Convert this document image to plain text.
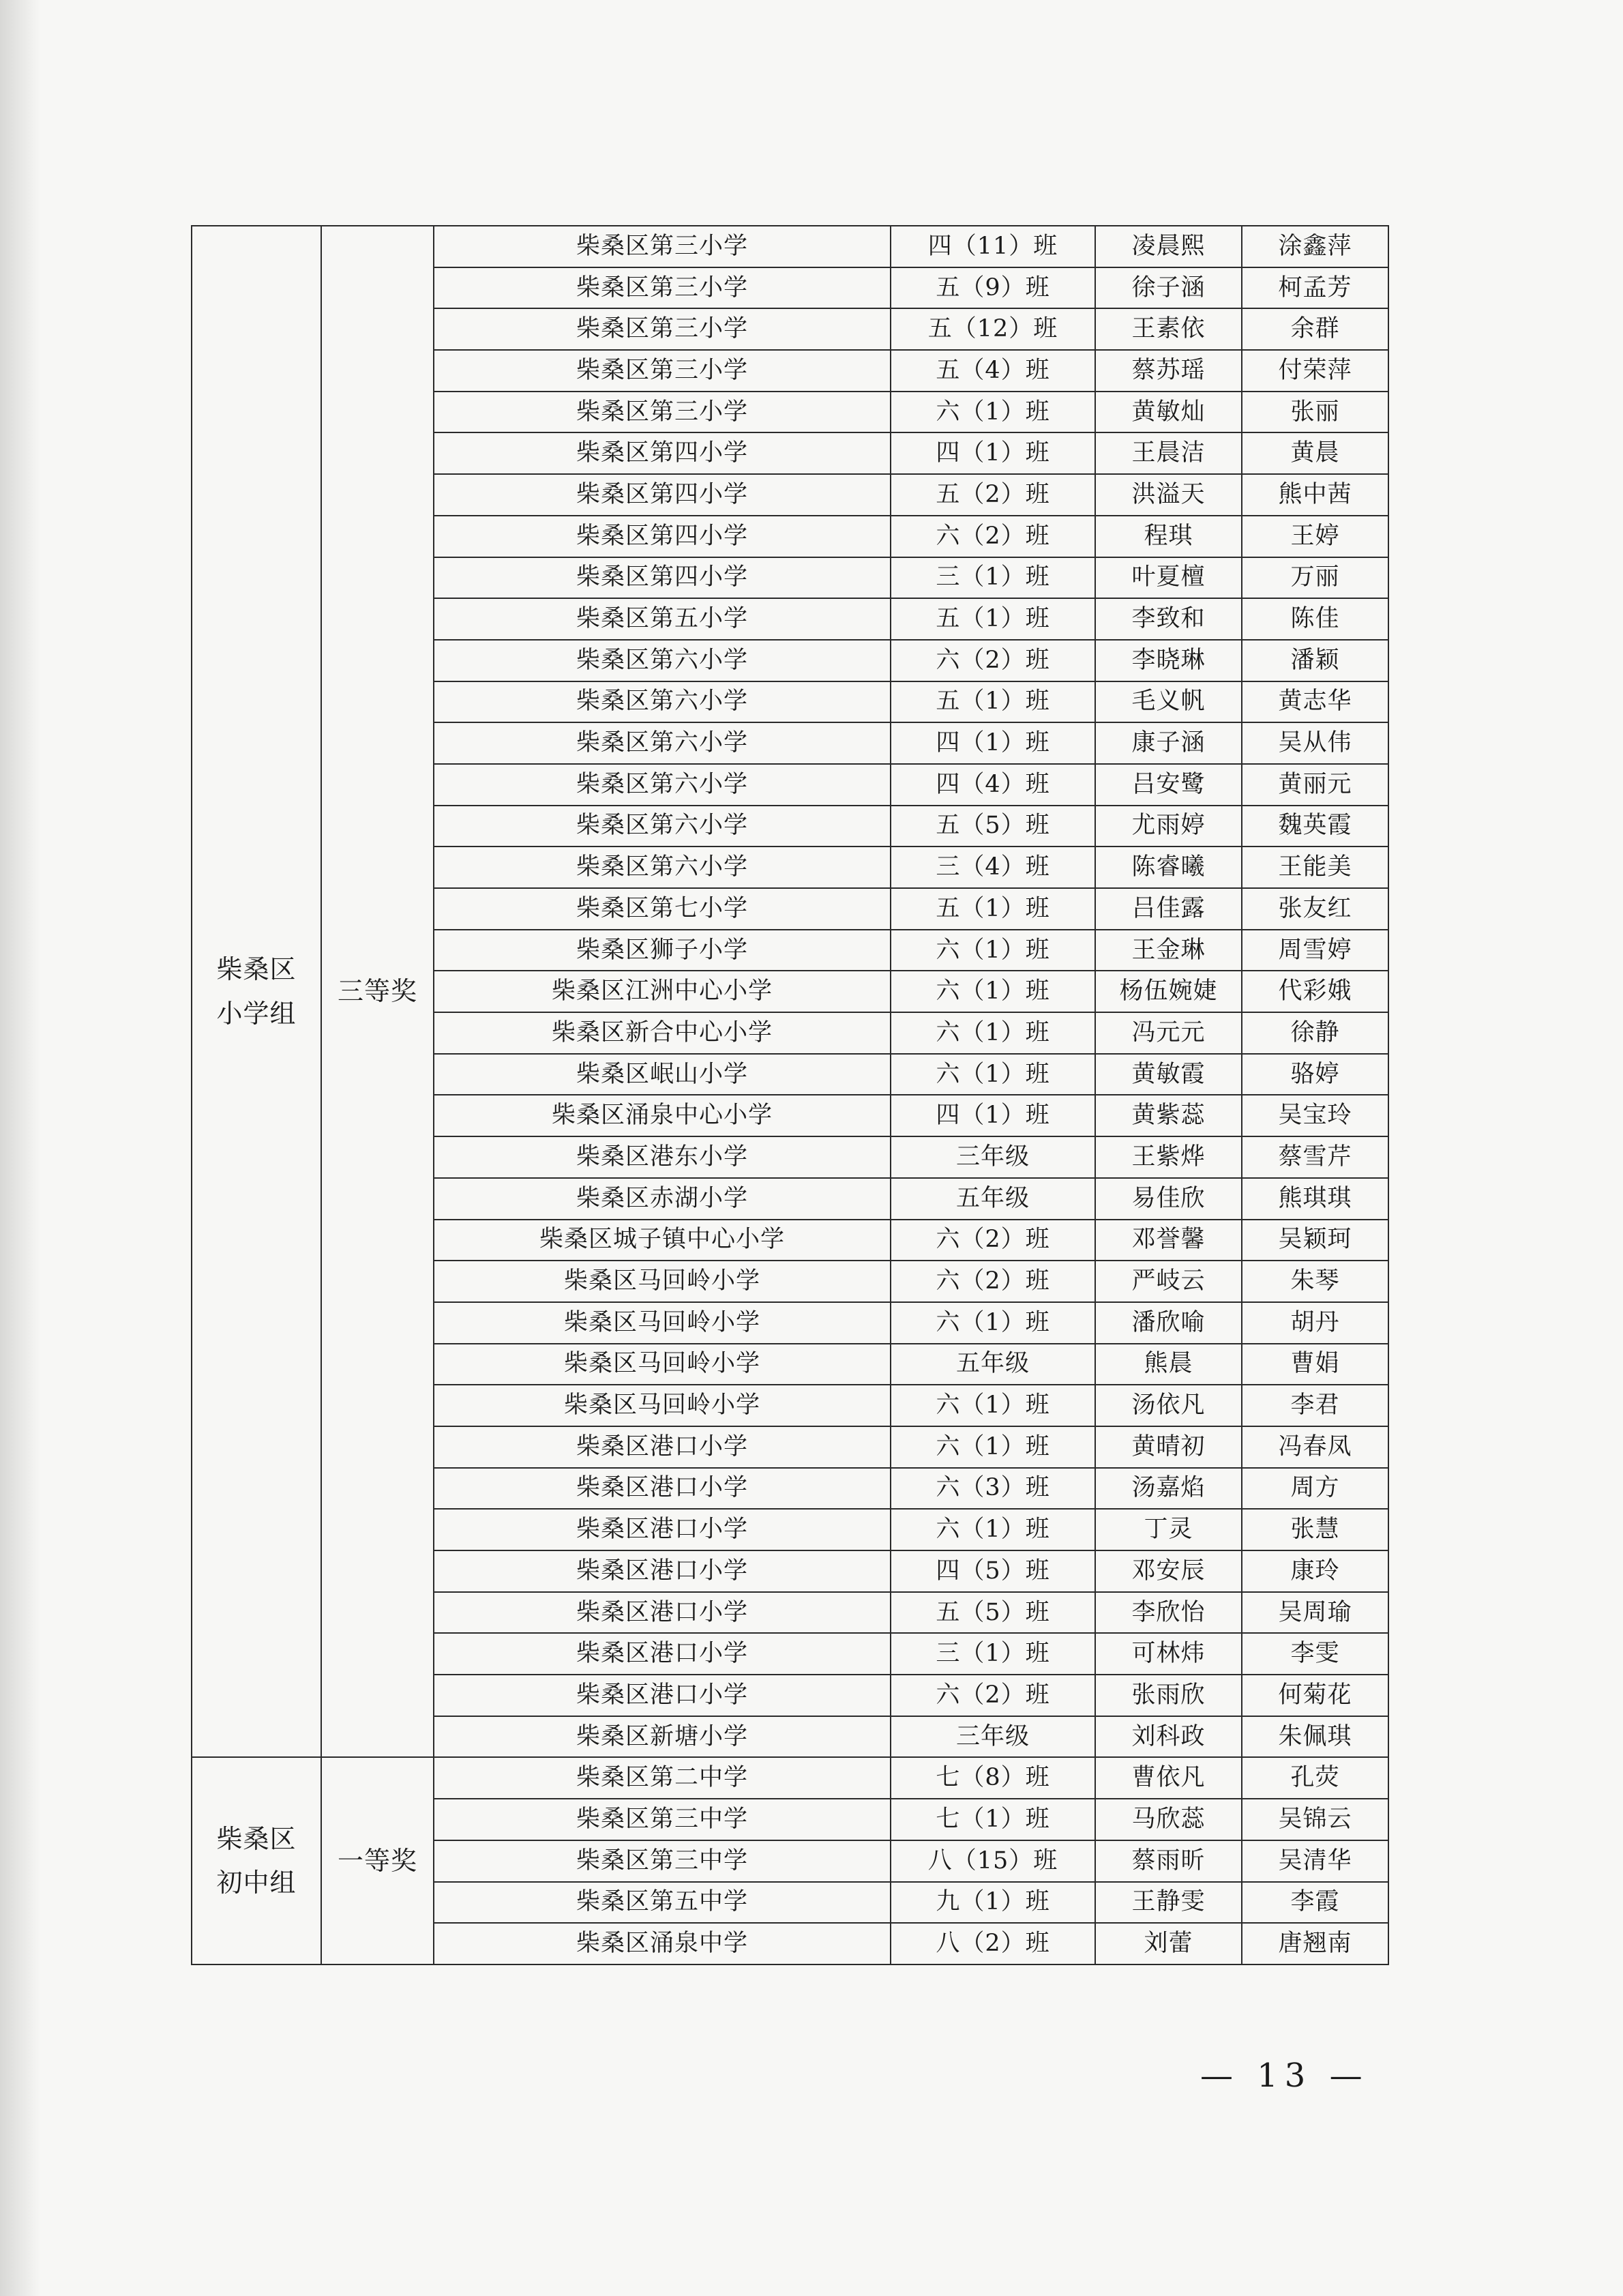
柴桑区
小学组	三等奖	柴桑区第三小学	四（11）班	凌晨熙	涂鑫萍
		柴桑区第三小学	五（9）班	徐子涵	柯孟芳
		柴桑区第三小学	五（12）班	王素依	余群
		柴桑区第三小学	五（4）班	蔡苏瑶	付荣萍
		柴桑区第三小学	六（1）班	黄敏灿	张丽
		柴桑区第四小学	四（1）班	王晨洁	黄晨
		柴桑区第四小学	五（2）班	洪溢天	熊中茜
		柴桑区第四小学	六（2）班	程琪	王婷
		柴桑区第四小学	三（1）班	叶夏檀	万丽
		柴桑区第五小学	五（1）班	李致和	陈佳
		柴桑区第六小学	六（2）班	李晓琳	潘颖
		柴桑区第六小学	五（1）班	毛义帆	黄志华
		柴桑区第六小学	四（1）班	康子涵	吴从伟
		柴桑区第六小学	四（4）班	吕安鹭	黄丽元
		柴桑区第六小学	五（5）班	尤雨婷	魏英霞
		柴桑区第六小学	三（4）班	陈睿曦	王能美
		柴桑区第七小学	五（1）班	吕佳露	张友红
		柴桑区狮子小学	六（1）班	王金琳	周雪婷
		柴桑区江洲中心小学	六（1）班	杨伍婉婕	代彩娥
		柴桑区新合中心小学	六（1）班	冯元元	徐静
		柴桑区岷山小学	六（1）班	黄敏霞	骆婷
		柴桑区涌泉中心小学	四（1）班	黄紫蕊	吴宝玲
		柴桑区港东小学	三年级	王紫烨	蔡雪芹
		柴桑区赤湖小学	五年级	易佳欣	熊琪琪
		柴桑区城子镇中心小学	六（2）班	邓誉馨	吴颖珂
		柴桑区马回岭小学	六（2）班	严岐云	朱琴
		柴桑区马回岭小学	六（1）班	潘欣喻	胡丹
		柴桑区马回岭小学	五年级	熊晨	曹娟
		柴桑区马回岭小学	六（1）班	汤依凡	李君
		柴桑区港口小学	六（1）班	黄晴初	冯春凤
		柴桑区港口小学	六（3）班	汤嘉焰	周方
		柴桑区港口小学	六（1）班	丁灵	张慧
		柴桑区港口小学	四（5）班	邓安辰	康玲
		柴桑区港口小学	五（5）班	李欣怡	吴周瑜
		柴桑区港口小学	三（1）班	可林炜	李雯
		柴桑区港口小学	六（2）班	张雨欣	何菊花
		柴桑区新塘小学	三年级	刘科政	朱佩琪

柴桑区
初中组	一等奖	柴桑区第二中学	七（8）班	曹依凡	孔荧
		柴桑区第三中学	七（1）班	马欣蕊	吴锦云
		柴桑区第三中学	八（15）班	蔡雨昕	吴清华
		柴桑区第五中学	九（1）班	王静雯	李霞
		柴桑区涌泉中学	八（2）班	刘蕾	唐翘南
— 13 —
